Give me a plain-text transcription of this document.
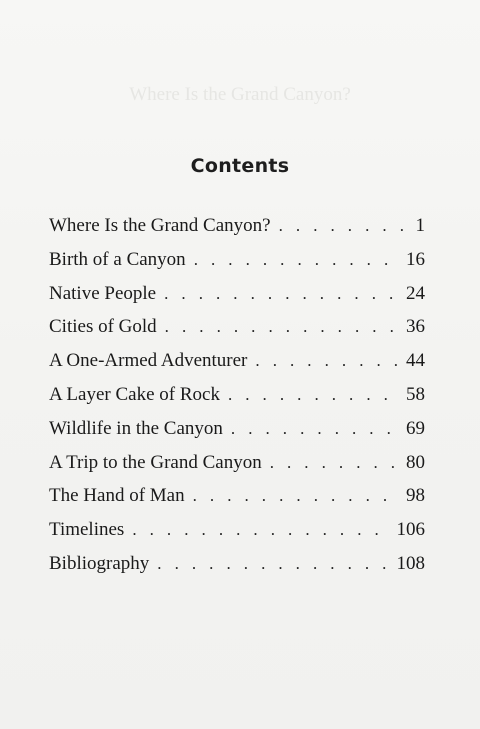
Where Is the Grand Canyon?
Contents
Where Is the Grand Canyon? . . .	1
Birth of a Canyon . . .	16
Native People . . .	24
Cities of Gold . . .	36
A One-Armed Adventurer . . .	44
A Layer Cake of Rock . . .	58
Wildlife in the Canyon . . .	69
A Trip to the Grand Canyon . . .	80
The Hand of Man . . .	98
Timelines . . .	106
Bibliography . . .	108
